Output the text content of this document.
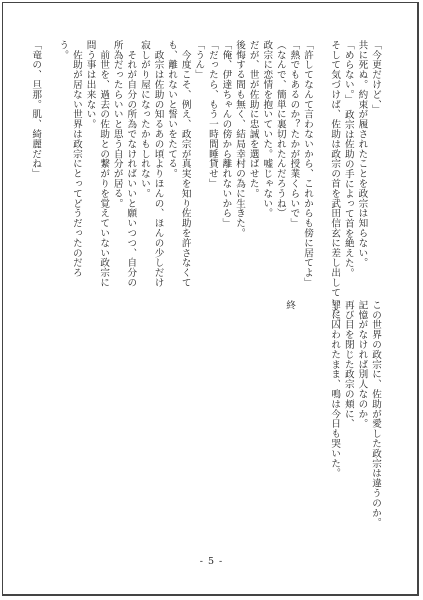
「今更だけど、」
共に死ぬ。約束が履されたことを政宗は知らない。
「めらない。」　政宗は佐助の手によって首を絶えた。
そして気づけば、佐助は政宗の首を武田信玄に差し出していた。
「許してなんて言わないから、これからも傍に居てよ」
「熱でもあるのか？たかが授業くらいで」
（なんで、簡単に裏切れたんだろうね）
政宗に恋情を抱いていた。嘘じゃない。
だが、世が佐助に忠誠を選ばせた。
後悔する間も無く、結局幸村の為に生きた。
「俺、伊達ちゃんの傍から離れないから」
「だったら、もう一時間睡貸せ」
「うん」
　今度こそ、例え、政宗が真実を知り佐助を許さなくても、離れないと誓いをたてる。
　政宗は佐助の知るあの頃よりほんの、ほんの少しだけ寂しがり屋になったかもしれない。
　それが自分の所為でなければいいと願いつつ、自分の所為だったらいいと思う自分が居る。
　前世を、過去の佐助との繋がりを覚えていない政宗に問う事は出来ない。
　佐助が居ない世界は政宗にとってどうだったのだろう。
「竜の、旦那。肌、綺麗だね」
終	この世界の政宗に、佐助が愛した政宗は違うのか。
記憶がなければ別人なのか。
再び目を閉じた政宗の頬に、
罪に囚われたまま、鳴は今日も哭いた。
- 5 -
